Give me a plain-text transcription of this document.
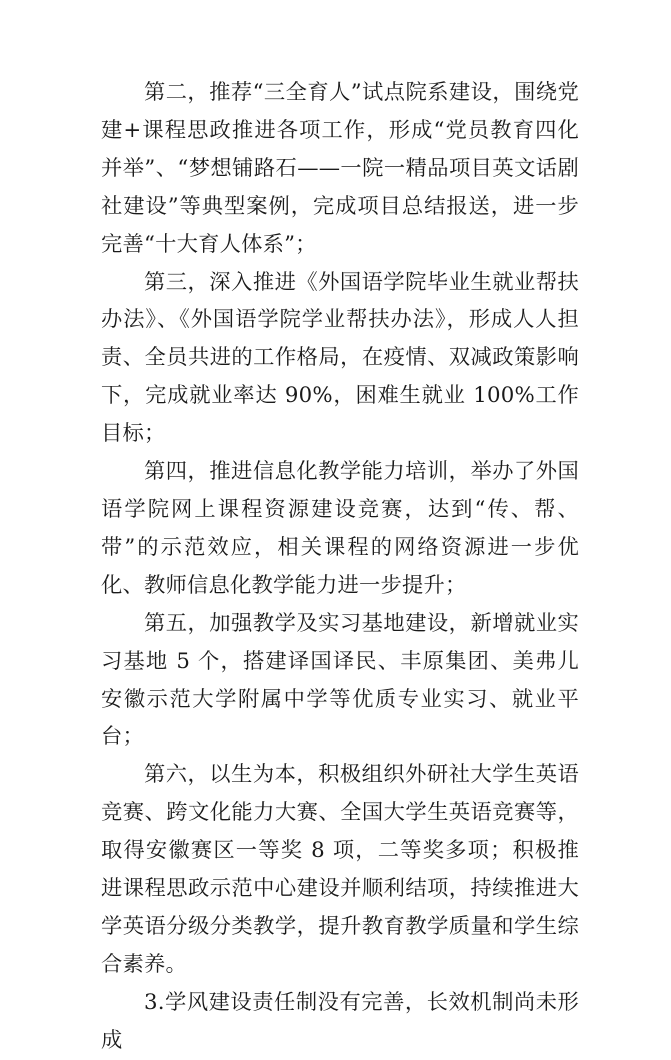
第二，推荐“三全育人”试点院系建设，围绕党建+课程思政推进各项工作，形成“党员教育四化并举”、“梦想铺路石——一院一精品项目英文话剧社建设”等典型案例，完成项目总结报送，进一步完善“十大育人体系”；

第三，深入推进《外国语学院毕业生就业帮扶办法》、《外国语学院学业帮扶办法》，形成人人担责、全员共进的工作格局，在疫情、双减政策影响下，完成就业率达 90%，困难生就业 100%工作目标；

第四，推进信息化教学能力培训，举办了外国语学院网上课程资源建设竞赛，达到“传、帮、带”的示范效应，相关课程的网络资源进一步优化、教师信息化教学能力进一步提升；

第五，加强教学及实习基地建设，新增就业实习基地 5 个，搭建译国译民、丰原集团、美弗儿安徽示范大学附属中学等优质专业实习、就业平台；

第六，以生为本，积极组织外研社大学生英语竞赛、跨文化能力大赛、全国大学生英语竞赛等，取得安徽赛区一等奖 8 项，二等奖多项；积极推进课程思政示范中心建设并顺利结项，持续推进大学英语分级分类教学，提升教育教学质量和学生综合素养。

3.学风建设责任制没有完善，长效机制尚未形成
